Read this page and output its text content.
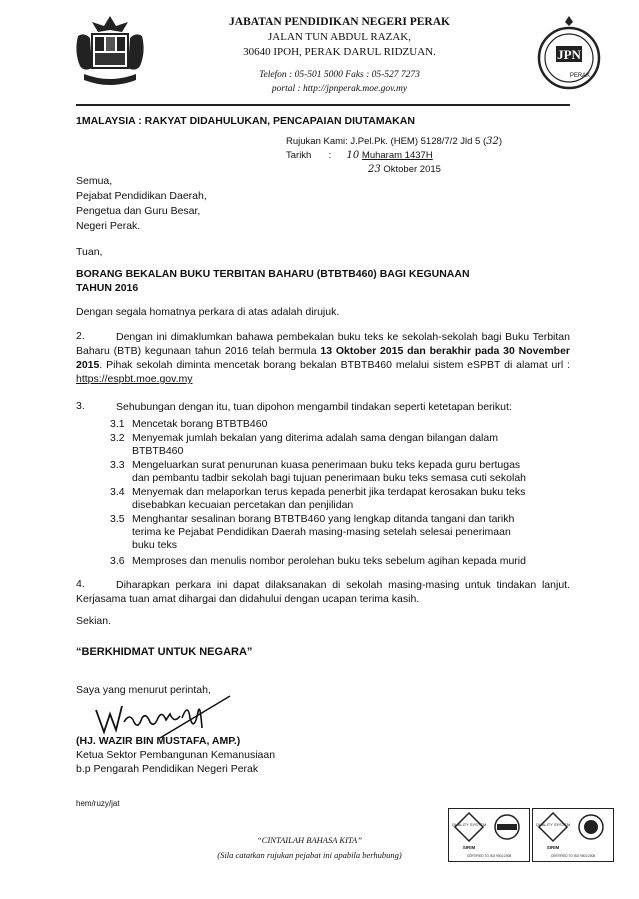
JABATAN PENDIDIKAN NEGERI PERAK
JALAN TUN ABDUL RAZAK,
30640 IPOH, PERAK DARUL RIDZUAN.
Telefon : 05-501 5000 Faks : 05-527 7273
portal : http://jpnperak.moe.gov.my
JPN
PERAK
1MALAYSIA : RAKYAT DIDAHULUKAN, PENCAPAIAN DIUTAMAKAN
Rujukan Kami: J.Pel.Pk. (HEM) 5128/7/2 Jld 5 (32)
Tarikh : 10 Muharam 1437H
23 Oktober 2015
Semua,
Pejabat Pendidikan Daerah,
Pengetua dan Guru Besar,
Negeri Perak.
Tuan,
BORANG BEKALAN BUKU TERBITAN BAHARU (BTBTB460) BAGI KEGUNAAN
TAHUN 2016
Dengan segala homatnya perkara di atas adalah dirujuk.
2.	Dengan ini dimaklumkan bahawa pembekalan buku teks ke sekolah-sekolah bagi Buku Terbitan Baharu (BTB) kegunaan tahun 2016 telah bermula 13 Oktober 2015 dan berakhir pada 30 November 2015. Pihak sekolah diminta mencetak borang bekalan BTBTB460 melalui sistem eSPBT di alamat url : https://espbt.moe.gov.my
3.	Sehubungan dengan itu, tuan dipohon mengambil tindakan seperti ketetapan berikut:
3.1 Mencetak borang BTBTB460
3.2 Menyemak jumlah bekalan yang diterima adalah sama dengan bilangan dalam
BTBTB460
3.3 Mengeluarkan surat penurunan kuasa penerimaan buku teks kepada guru bertugas
dan pembantu tadbir sekolah bagi tujuan penerimaan buku teks semasa cuti sekolah
3.4 Menyemak dan melaporkan terus kepada penerbit jika terdapat kerosakan buku teks
disebabkan kecuaian percetakan dan penjilidan
3.5 Menghantar sesalinan borang BTBTB460 yang lengkap ditanda tangani dan tarikh
terima ke Pejabat Pendidikan Daerah masing-masing setelah selesai penerimaan
buku teks
3.6 Memproses dan menulis nombor perolehan buku teks sebelum agihan kepada murid
4.	Diharapkan perkara ini dapat dilaksanakan di sekolah masing-masing untuk tindakan lanjut. Kerjasama tuan amat dihargai dan didahului dengan ucapan terima kasih.
Sekian.
“BERKHIDMAT UNTUK NEGARA”
Saya yang menurut perintah,
(HJ. WAZIR BIN MUSTAFA, AMP.)
Ketua Sektor Pembangunan Kemanusiaan
b.p Pengarah Pendidikan Negeri Perak
hem/ruzy/jat
“CINTAILAH BAHASA KITA”
(Sila catatkan rujukan pejabat ini apabila berhubung)
QUALITY SYSTEM
SIRIM
CERTIFIED TO ISO 9001:2008
QUALITY SYSTEM
SIRIM
CERTIFIED TO ISO 9001:2008
